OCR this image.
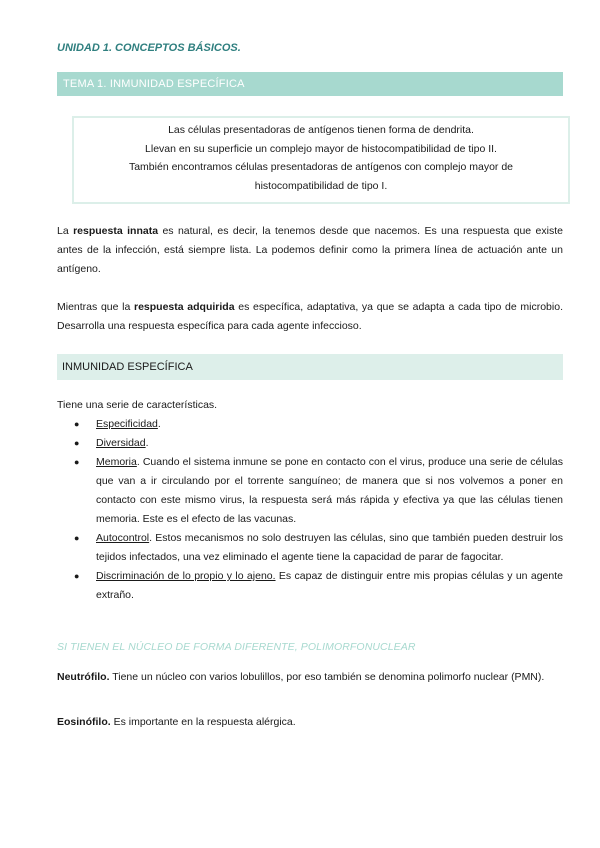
UNIDAD 1. CONCEPTOS BÁSICOS.
TEMA 1. INMUNIDAD ESPECÍFICA
Las células presentadoras de antígenos tienen forma de dendrita.
Llevan en su superficie un complejo mayor de histocompatibilidad de tipo II.
También encontramos células presentadoras de antígenos con complejo mayor de
histocompatibilidad de tipo I.
La respuesta innata es natural, es decir, la tenemos desde que nacemos. Es una respuesta que existe antes de la infección, está siempre lista. La podemos definir como la primera línea de actuación ante un antígeno.
Mientras que la respuesta adquirida es específica, adaptativa, ya que se adapta a cada tipo de microbio. Desarrolla una respuesta específica para cada agente infeccioso.
INMUNIDAD ESPECÍFICA

Tiene una serie de características.

● Especificidad.
● Diversidad.
● Memoria. Cuando el sistema inmune se pone en contacto con el virus, produce una serie de células que van a ir circulando por el torrente sanguíneo; de manera que si nos volvemos a poner en contacto con este mismo virus, la respuesta será más rápida y efectiva ya que las células tienen memoria. Este es el efecto de las vacunas.
● Autocontrol. Estos mecanismos no solo destruyen las células, sino que también pueden destruir los tejidos infectados, una vez eliminado el agente tiene la capacidad de parar de fagocitar.
● Discriminación de lo propio y lo ajeno. Es capaz de distinguir entre mis propias células y un agente extraño.
SI TIENEN EL NÚCLEO DE FORMA DIFERENTE, POLIMORFONUCLEAR
Neutrófilo. Tiene un núcleo con varios lobulillos, por eso también se denomina polimorfo nuclear (PMN).
Eosinófilo. Es importante en la respuesta alérgica.
